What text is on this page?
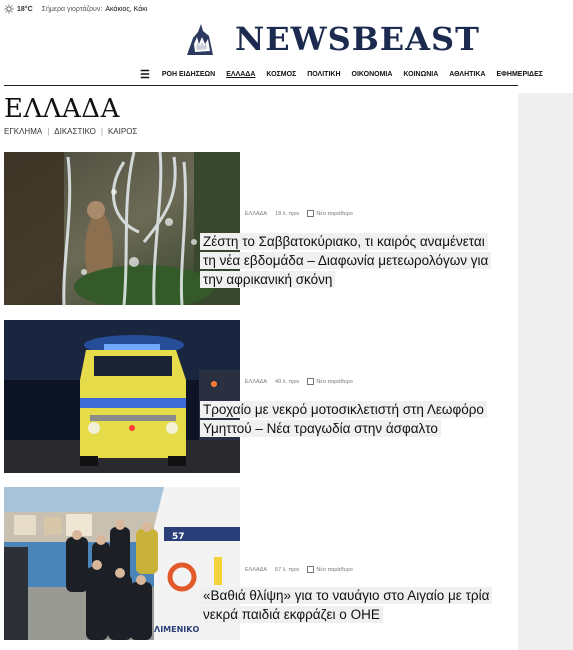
18°C Σήμερα γιορτάζουν: Ακάκιος, Κάκι
NEWSBEAST
☰ ΡΟΗ ΕΙΔΗΣΕΩΝ ΕΛΛΑΔΑ ΚΟΣΜΟΣ ΠΟΛΙΤΙΚΗ ΟΙΚΟΝΟΜΙΑ ΚΟΙΝΩΝΙΑ ΑΘΛΗΤΙΚΑ ΕΦΗΜΕΡΙΔΕΣ
ΕΛΛΑΔΑ
ΕΓΚΛΗΜΑ | ΔΙΚΑΣΤΙΚΟ | ΚΑΙΡΟΣ
ΕΛΛΑΔΑ 18 λ. πριν	Νέο παράθυρο
Ζέστη το Σαββατοκύριακο, τι καιρός αναμένεται τη νέα εβδομάδα – Διαφωνία μετεωρολόγων για την αφρικανική σκόνη
ΕΛΛΑΔΑ 49 λ. πριν	Νέο παράθυρο
Τροχαίο με νεκρό μοτοσικλετιστή στη Λεωφόρο Υμηττού – Νέα τραγωδία στην άσφαλτο
57
ΛΙΜΕΝΙΚΟ
ΕΛΛΑΔΑ 57 λ. πριν	Νέο παράθυρο
«Βαθιά θλίψη» για το ναυάγιο στο Αιγαίο με τρία νεκρά παιδιά εκφράζει ο ΟΗΕ
